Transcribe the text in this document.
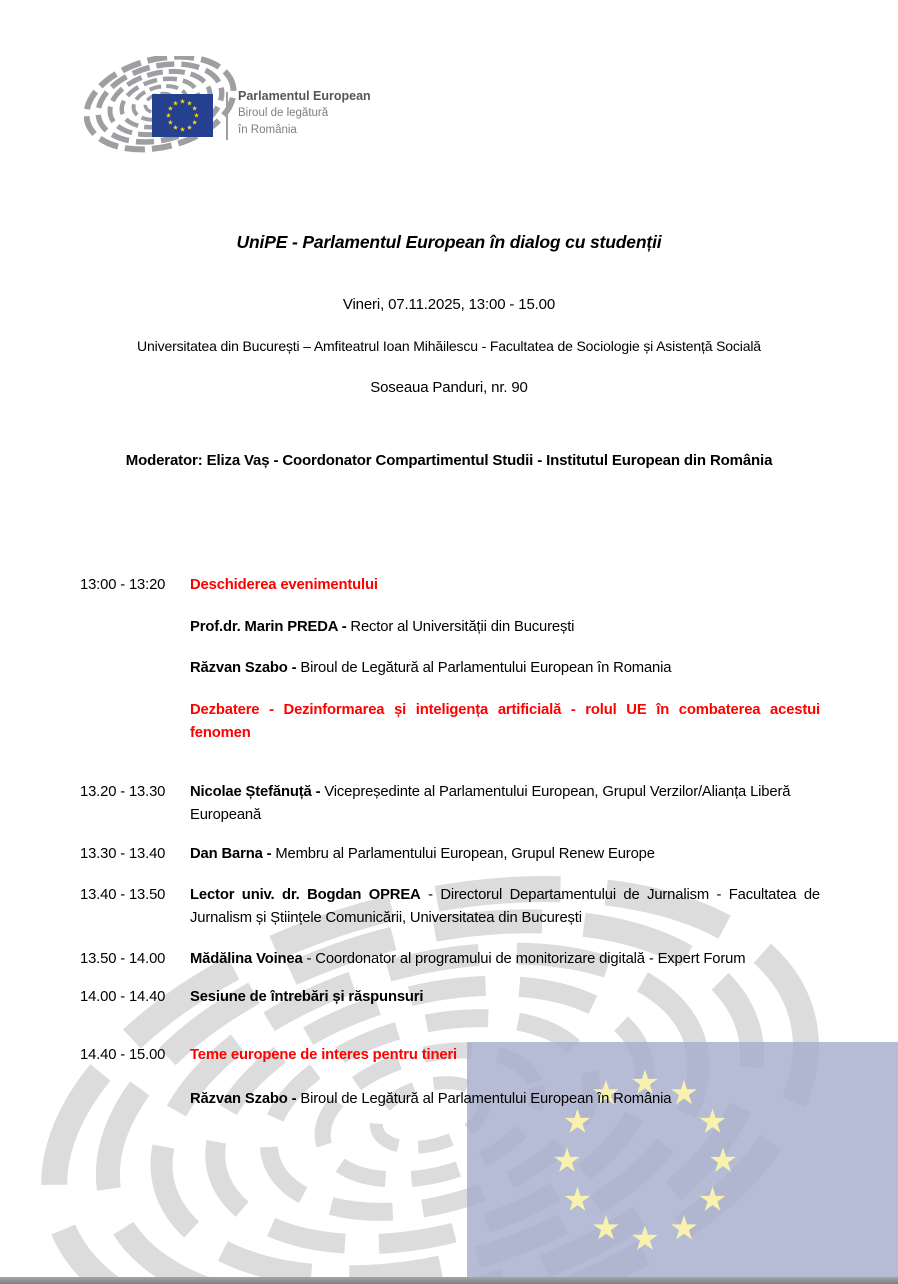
Parlamentul European
Biroul de legătură
în România
UniPE - Parlamentul European în dialog cu studenții
Vineri, 07.11.2025, 13:00 - 15.00
Universitatea din București – Amfiteatrul Ioan Mihăilescu - Facultatea de Sociologie și Asistență Socială
Soseaua Panduri, nr. 90
Moderator: Eliza Vaș - Coordonator Compartimentul Studii - Institutul European din România
13:00 - 13:20	Deschiderea evenimentului
Prof.dr. Marin PREDA - Rector al Universității din București
Răzvan Szabo - Biroul de Legătură al Parlamentului European în Romania
Dezbatere - Dezinformarea și inteligența artificială - rolul UE în combaterea acestui fenomen
13.20 - 13.30	Nicolae Ștefănuță - Vicepreședinte al Parlamentului European, Grupul Verzilor/Alianța Liberă Europeană
13.30 - 13.40	Dan Barna - Membru al Parlamentului European, Grupul Renew Europe
13.40 - 13.50	Lector univ. dr. Bogdan OPREA - Directorul Departamentului de Jurnalism - Facultatea de Jurnalism și Științele Comunicării, Universitatea din București
13.50 - 14.00	Mădălina Voinea - Coordonator al programului de monitorizare digitală - Expert Forum
14.00 - 14.40	Sesiune de întrebări și răspunsuri
14.40 - 15.00	Teme europene de interes pentru tineri
Răzvan Szabo - Biroul de Legătură al Parlamentului European în România
